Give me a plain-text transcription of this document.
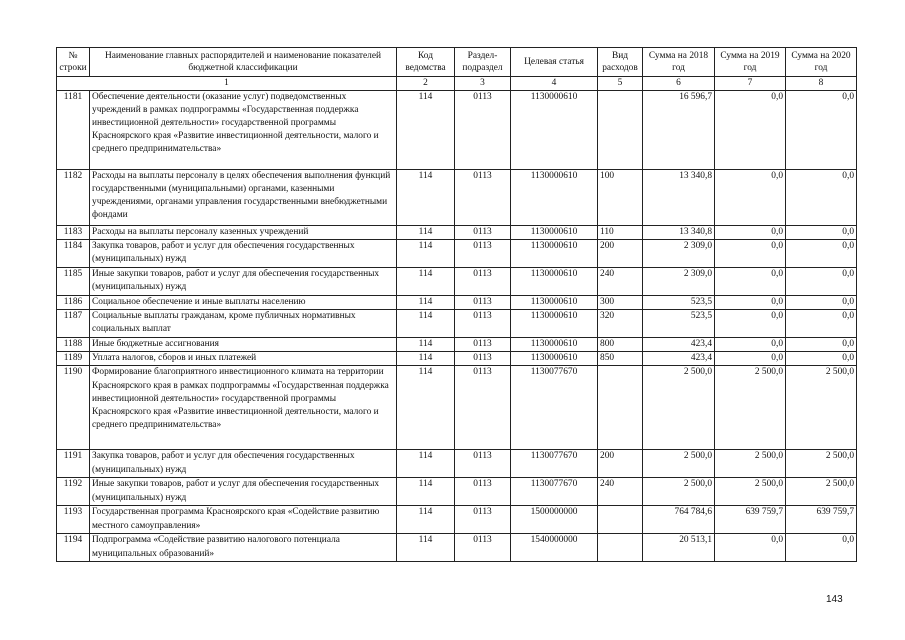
№ строки	Наименование главных распорядителей и наименование показателей бюджетной классификации	Код ведомства	Раздел-подраздел	Целевая статья	Вид расходов	Сумма на 2018 год	Сумма на 2019 год	Сумма на 2020 год
1		2	3	4	5	6	7	8
1181	Обеспечение деятельности (оказание услуг) подведомственных учреждений в рамках подпрограммы «Государственная поддержка инвестиционной деятельности» государственной программы Красноярского края «Развитие инвестиционной деятельности, малого и среднего предпринимательства»	114	0113	1130000610		16 596,7	0,0	0,0
1182	Расходы на выплаты персоналу в целях обеспечения выполнения функций государственными (муниципальными) органами, казенными учреждениями, органами управления государственными внебюджетными фондами	114	0113	1130000610	100	13 340,8	0,0	0,0
1183	Расходы на выплаты персоналу казенных учреждений	114	0113	1130000610	110	13 340,8	0,0	0,0
1184	Закупка товаров, работ и услуг для обеспечения государственных (муниципальных) нужд	114	0113	1130000610	200	2 309,0	0,0	0,0
1185	Иные закупки товаров, работ и услуг для обеспечения государственных (муниципальных) нужд	114	0113	1130000610	240	2 309,0	0,0	0,0
1186	Социальное обеспечение и иные выплаты населению	114	0113	1130000610	300	523,5	0,0	0,0
1187	Социальные выплаты гражданам, кроме публичных нормативных социальных выплат	114	0113	1130000610	320	523,5	0,0	0,0
1188	Иные бюджетные ассигнования	114	0113	1130000610	800	423,4	0,0	0,0
1189	Уплата налогов, сборов и иных платежей	114	0113	1130000610	850	423,4	0,0	0,0
1190	Формирование благоприятного инвестиционного климата на территории Красноярского края в рамках подпрограммы «Государственная поддержка инвестиционной деятельности» государственной программы Красноярского края «Развитие инвестиционной деятельности, малого и среднего предпринимательства»	114	0113	1130077670		2 500,0	2 500,0	2 500,0
1191	Закупка товаров, работ и услуг для обеспечения государственных (муниципальных) нужд	114	0113	1130077670	200	2 500,0	2 500,0	2 500,0
1192	Иные закупки товаров, работ и услуг для обеспечения государственных (муниципальных) нужд	114	0113	1130077670	240	2 500,0	2 500,0	2 500,0
1193	Государственная программа Красноярского края «Содействие развитию местного самоуправления»	114	0113	1500000000		764 784,6	639 759,7	639 759,7
1194	Подпрограмма «Содействие развитию налогового потенциала муниципальных образований»	114	0113	1540000000		20 513,1	0,0	0,0
143
